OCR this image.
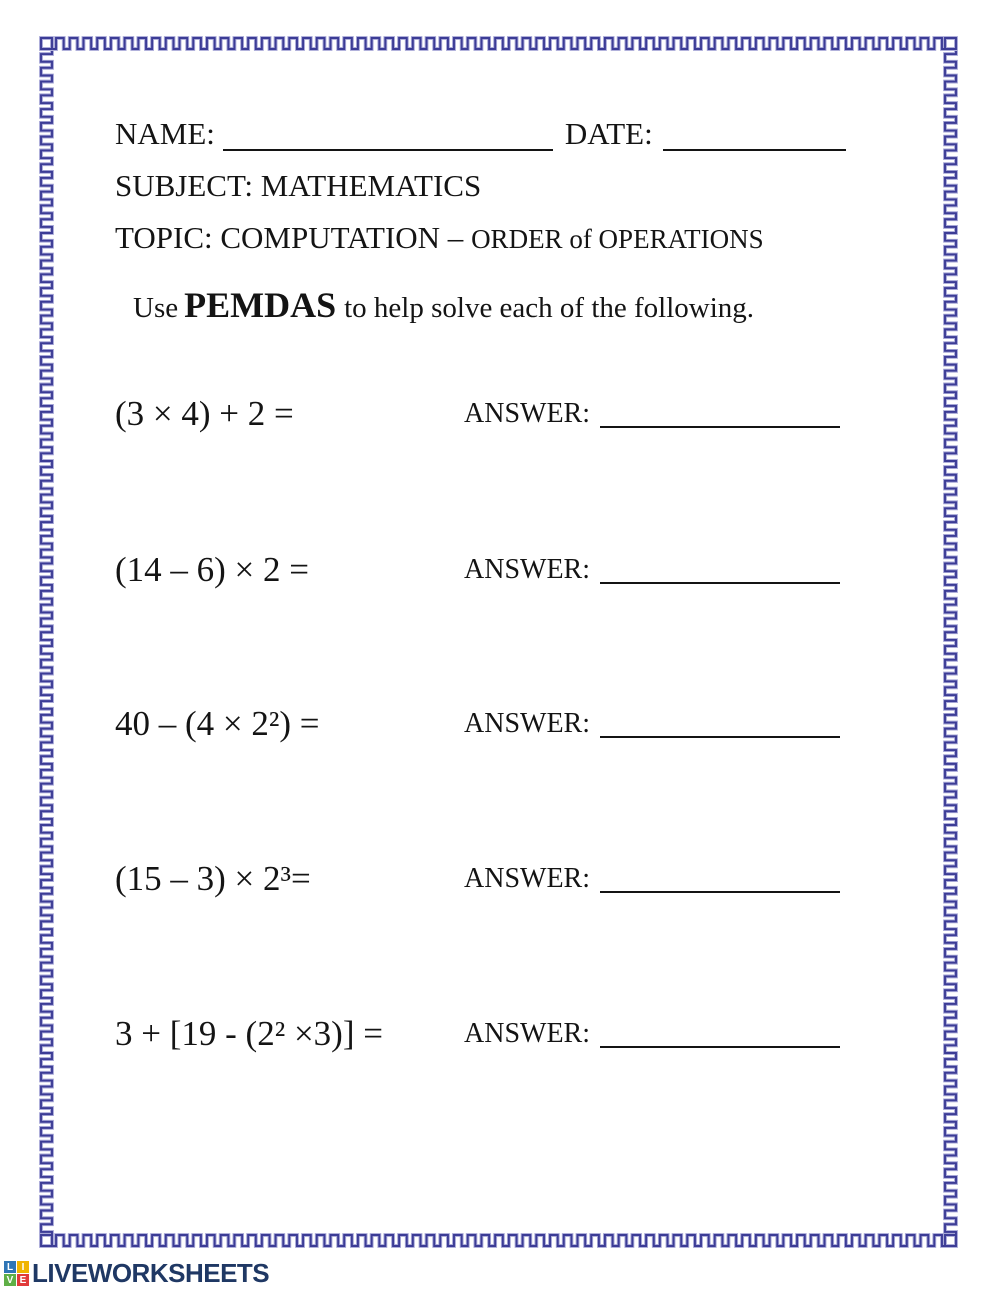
NAME:	DATE:
SUBJECT: MATHEMATICS
TOPIC: COMPUTATION – ORDER of OPERATIONS
Use PEMDAS to help solve each of the following.
(3 × 4) + 2 =	ANSWER:
(14 – 6) × 2 =	ANSWER:
40 – (4 × 2²) =	ANSWER:
(15 – 3) × 2³=	ANSWER:
3 + [19 - (2² ×3)] =	ANSWER:
L I
V E LIVEWORKSHEETS
